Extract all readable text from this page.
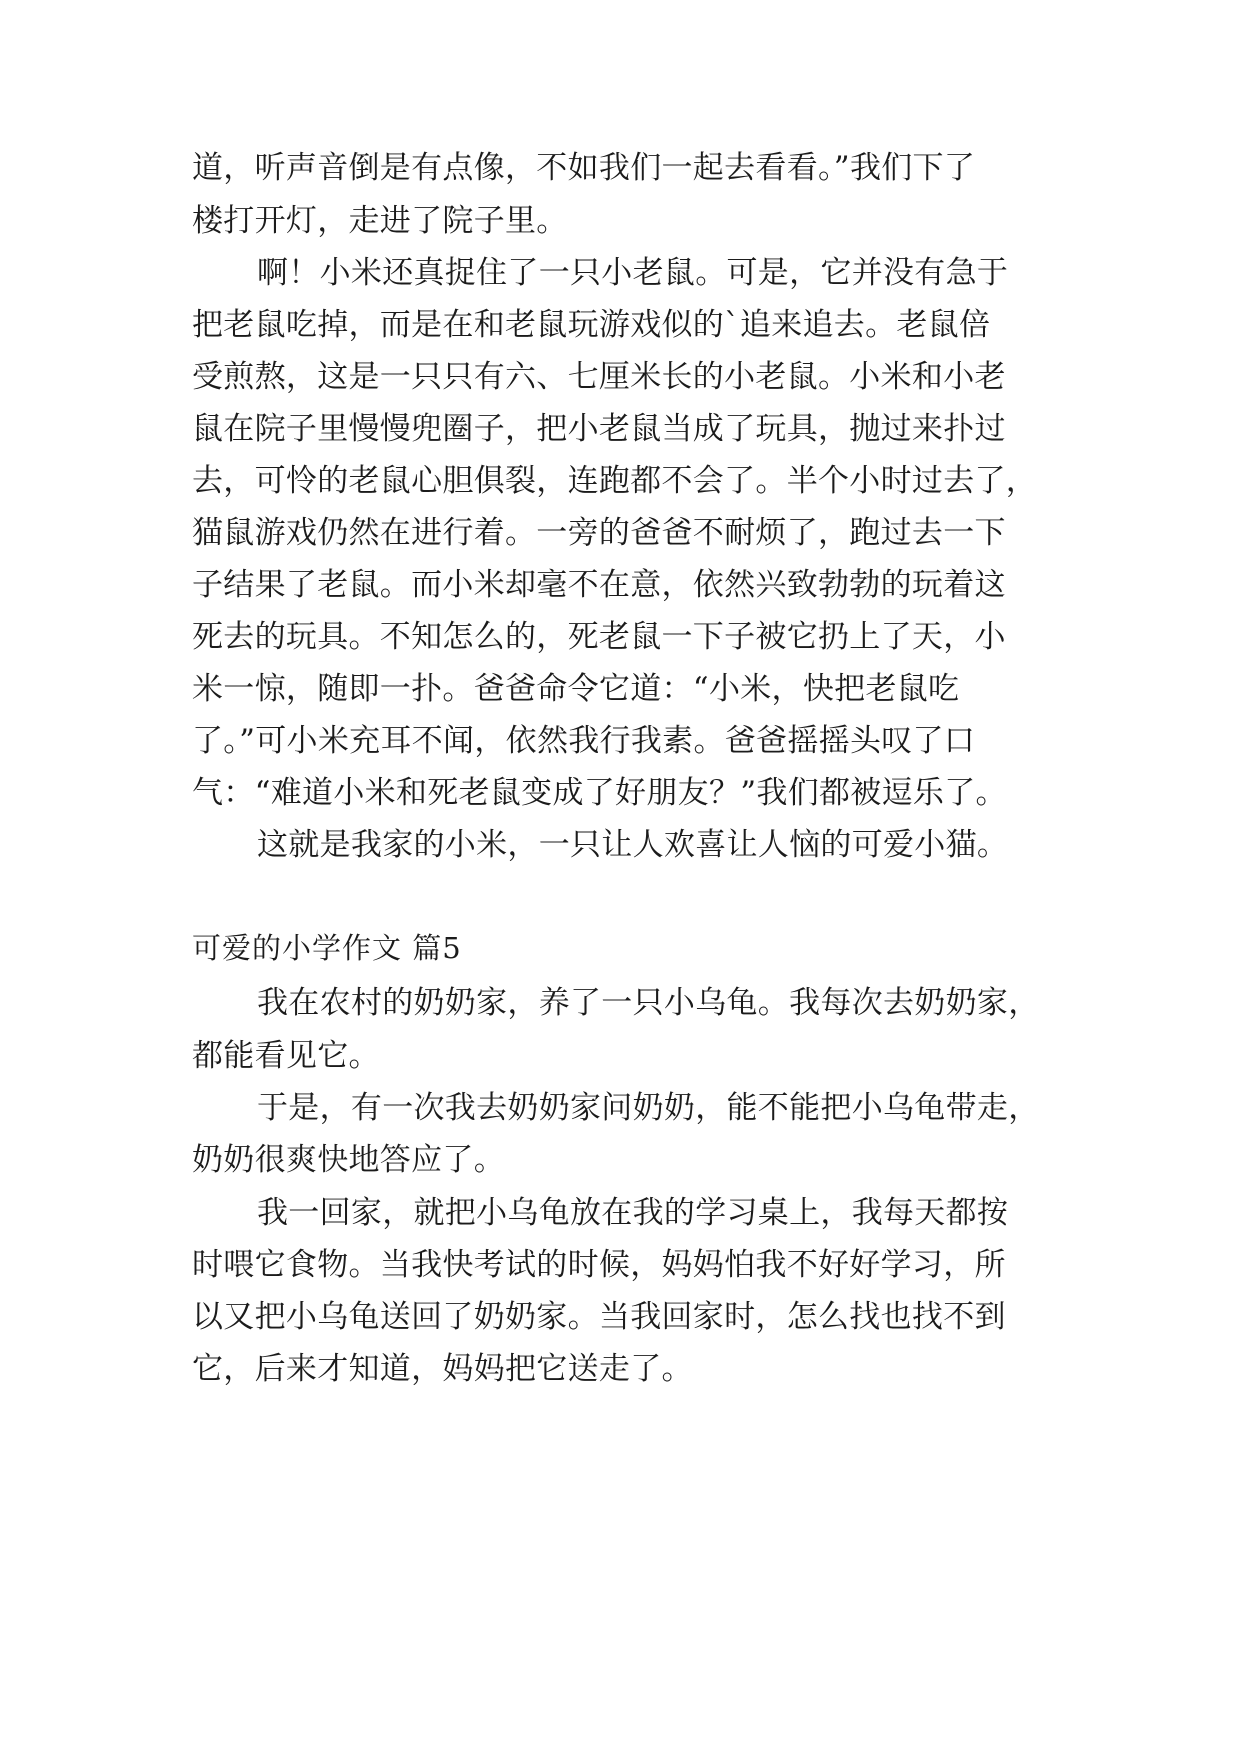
道，听声音倒是有点像，不如我们一起去看看。”我们下了

楼打开灯，走进了院子里。

啊！小米还真捉住了一只小老鼠。可是，它并没有急于

把老鼠吃掉，而是在和老鼠玩游戏似的`追来追去。老鼠倍

受煎熬，这是一只只有六、七厘米长的小老鼠。小米和小老

鼠在院子里慢慢兜圈子，把小老鼠当成了玩具，抛过来扑过

去，可怜的老鼠心胆俱裂，连跑都不会了。半个小时过去了，

猫鼠游戏仍然在进行着。一旁的爸爸不耐烦了，跑过去一下

子结果了老鼠。而小米却毫不在意，依然兴致勃勃的玩着这

死去的玩具。不知怎么的，死老鼠一下子被它扔上了天，小

米一惊，随即一扑。爸爸命令它道：“小米，快把老鼠吃

了。”可小米充耳不闻，依然我行我素。爸爸摇摇头叹了口

气：“难道小米和死老鼠变成了好朋友？”我们都被逗乐了。

这就是我家的小米，一只让人欢喜让人恼的可爱小猫。

可爱的小学作文 篇5

我在农村的奶奶家，养了一只小乌龟。我每次去奶奶家，

都能看见它。

于是，有一次我去奶奶家问奶奶，能不能把小乌龟带走，

奶奶很爽快地答应了。

我一回家，就把小乌龟放在我的学习桌上，我每天都按

时喂它食物。当我快考试的时候，妈妈怕我不好好学习，所

以又把小乌龟送回了奶奶家。当我回家时，怎么找也找不到

它，后来才知道，妈妈把它送走了。
